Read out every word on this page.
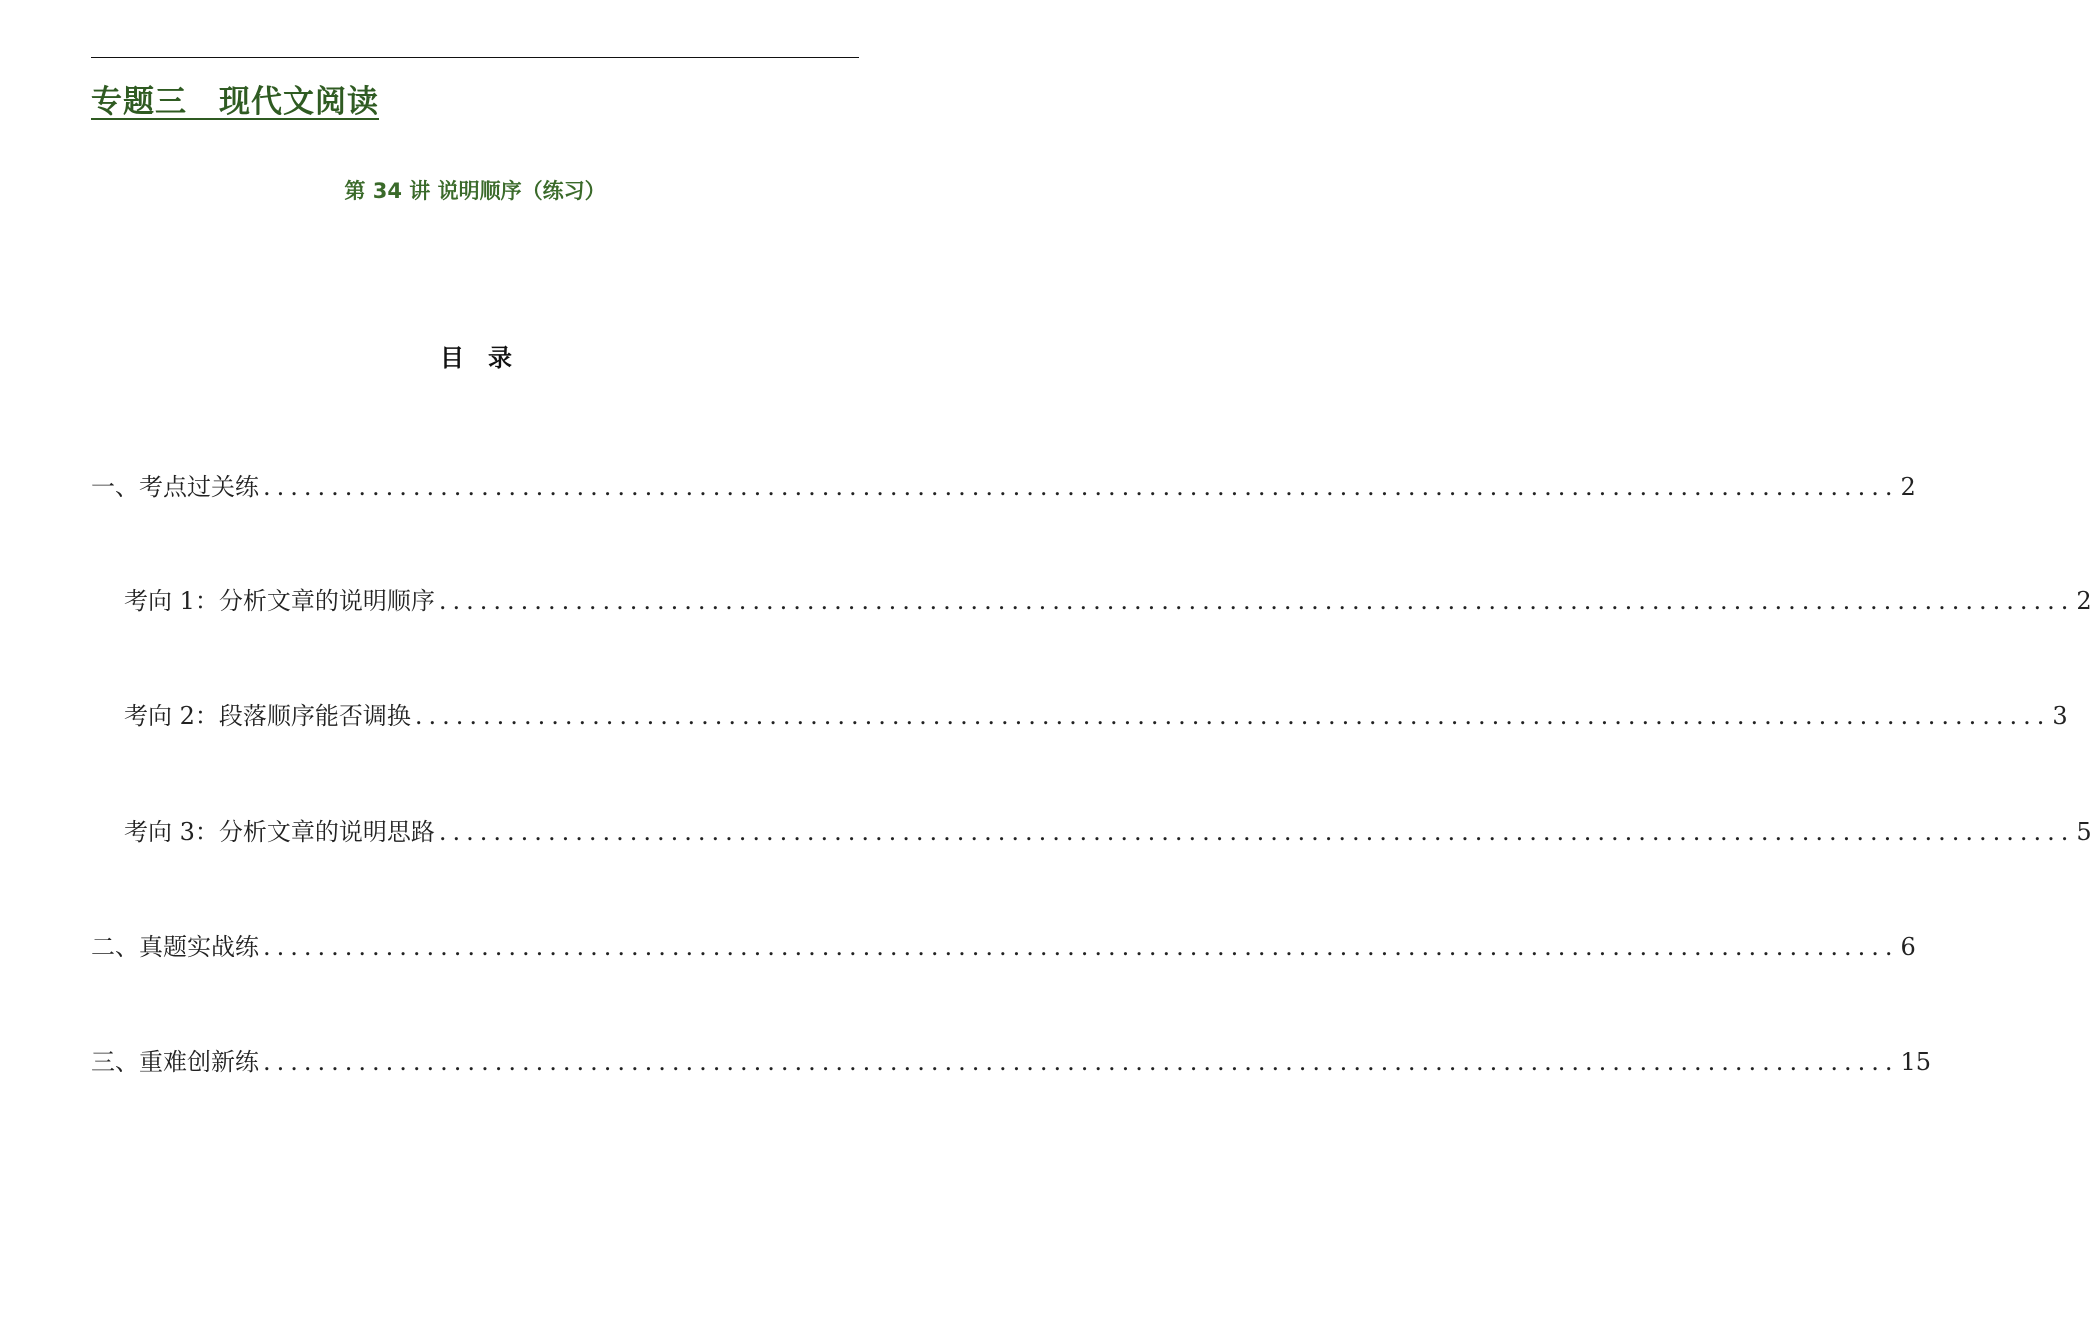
专题三　现代文阅读
第 34 讲 说明顺序（练习）
目　录
一、考点过关练 ........................................................................................................................ 2
考向 1：分析文章的说明顺序 ........................................................................................................................ 2
考向 2：段落顺序能否调换 ........................................................................................................................ 3
考向 3：分析文章的说明思路 ........................................................................................................................ 5
二、真题实战练 ........................................................................................................................ 6
三、重难创新练 ........................................................................................................................ 15
